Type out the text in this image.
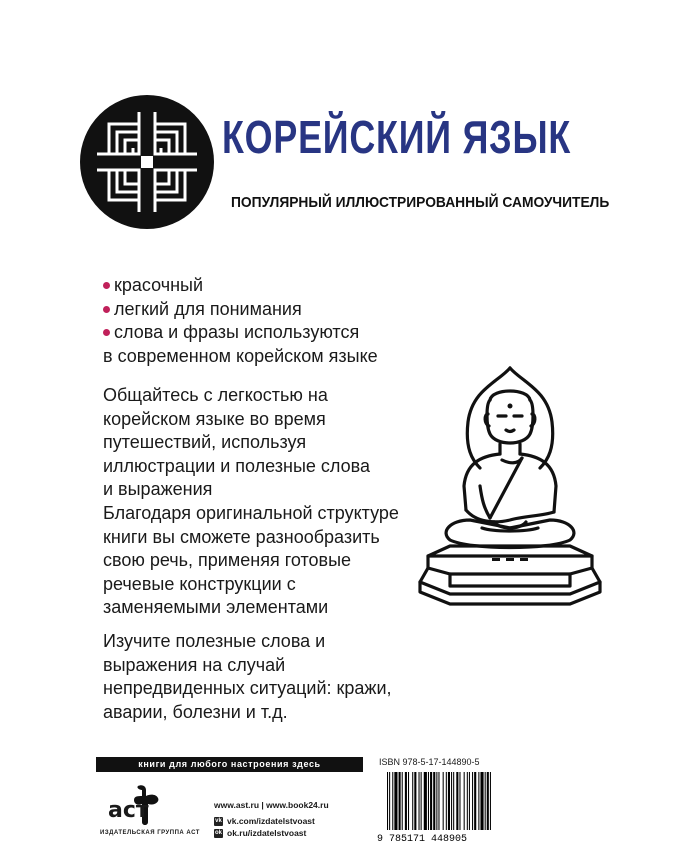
КОРЕЙСКИЙ ЯЗЫК
ПОПУЛЯРНЫЙ ИЛЛЮСТРИРОВАННЫЙ САМОУЧИТЕЛЬ
красочный
легкий для понимания
слова и фразы используются
в современном корейском языке
Общайтесь с легкостью на
корейском языке во время
путешествий, используя
иллюстрации и полезные слова
и выражения
Благодаря оригинальной структуре
книги вы сможете разнообразить
свою речь, применяя готовые
речевые конструкции с
заменяемыми элементами
Изучите полезные слова и
выражения на случай
непредвиденных ситуаций: кражи,
аварии, болезни и т.д.
книги для любого настроения здесь	ISBN 978-5-17-144890-5
9 785171 448905
аст
ИЗДАТЕЛЬСКАЯ ГРУППА АСТ
www.ast.ru | www.book24.ru
vk vk.com/izdatelstvoast
ok ok.ru/izdatelstvoast
